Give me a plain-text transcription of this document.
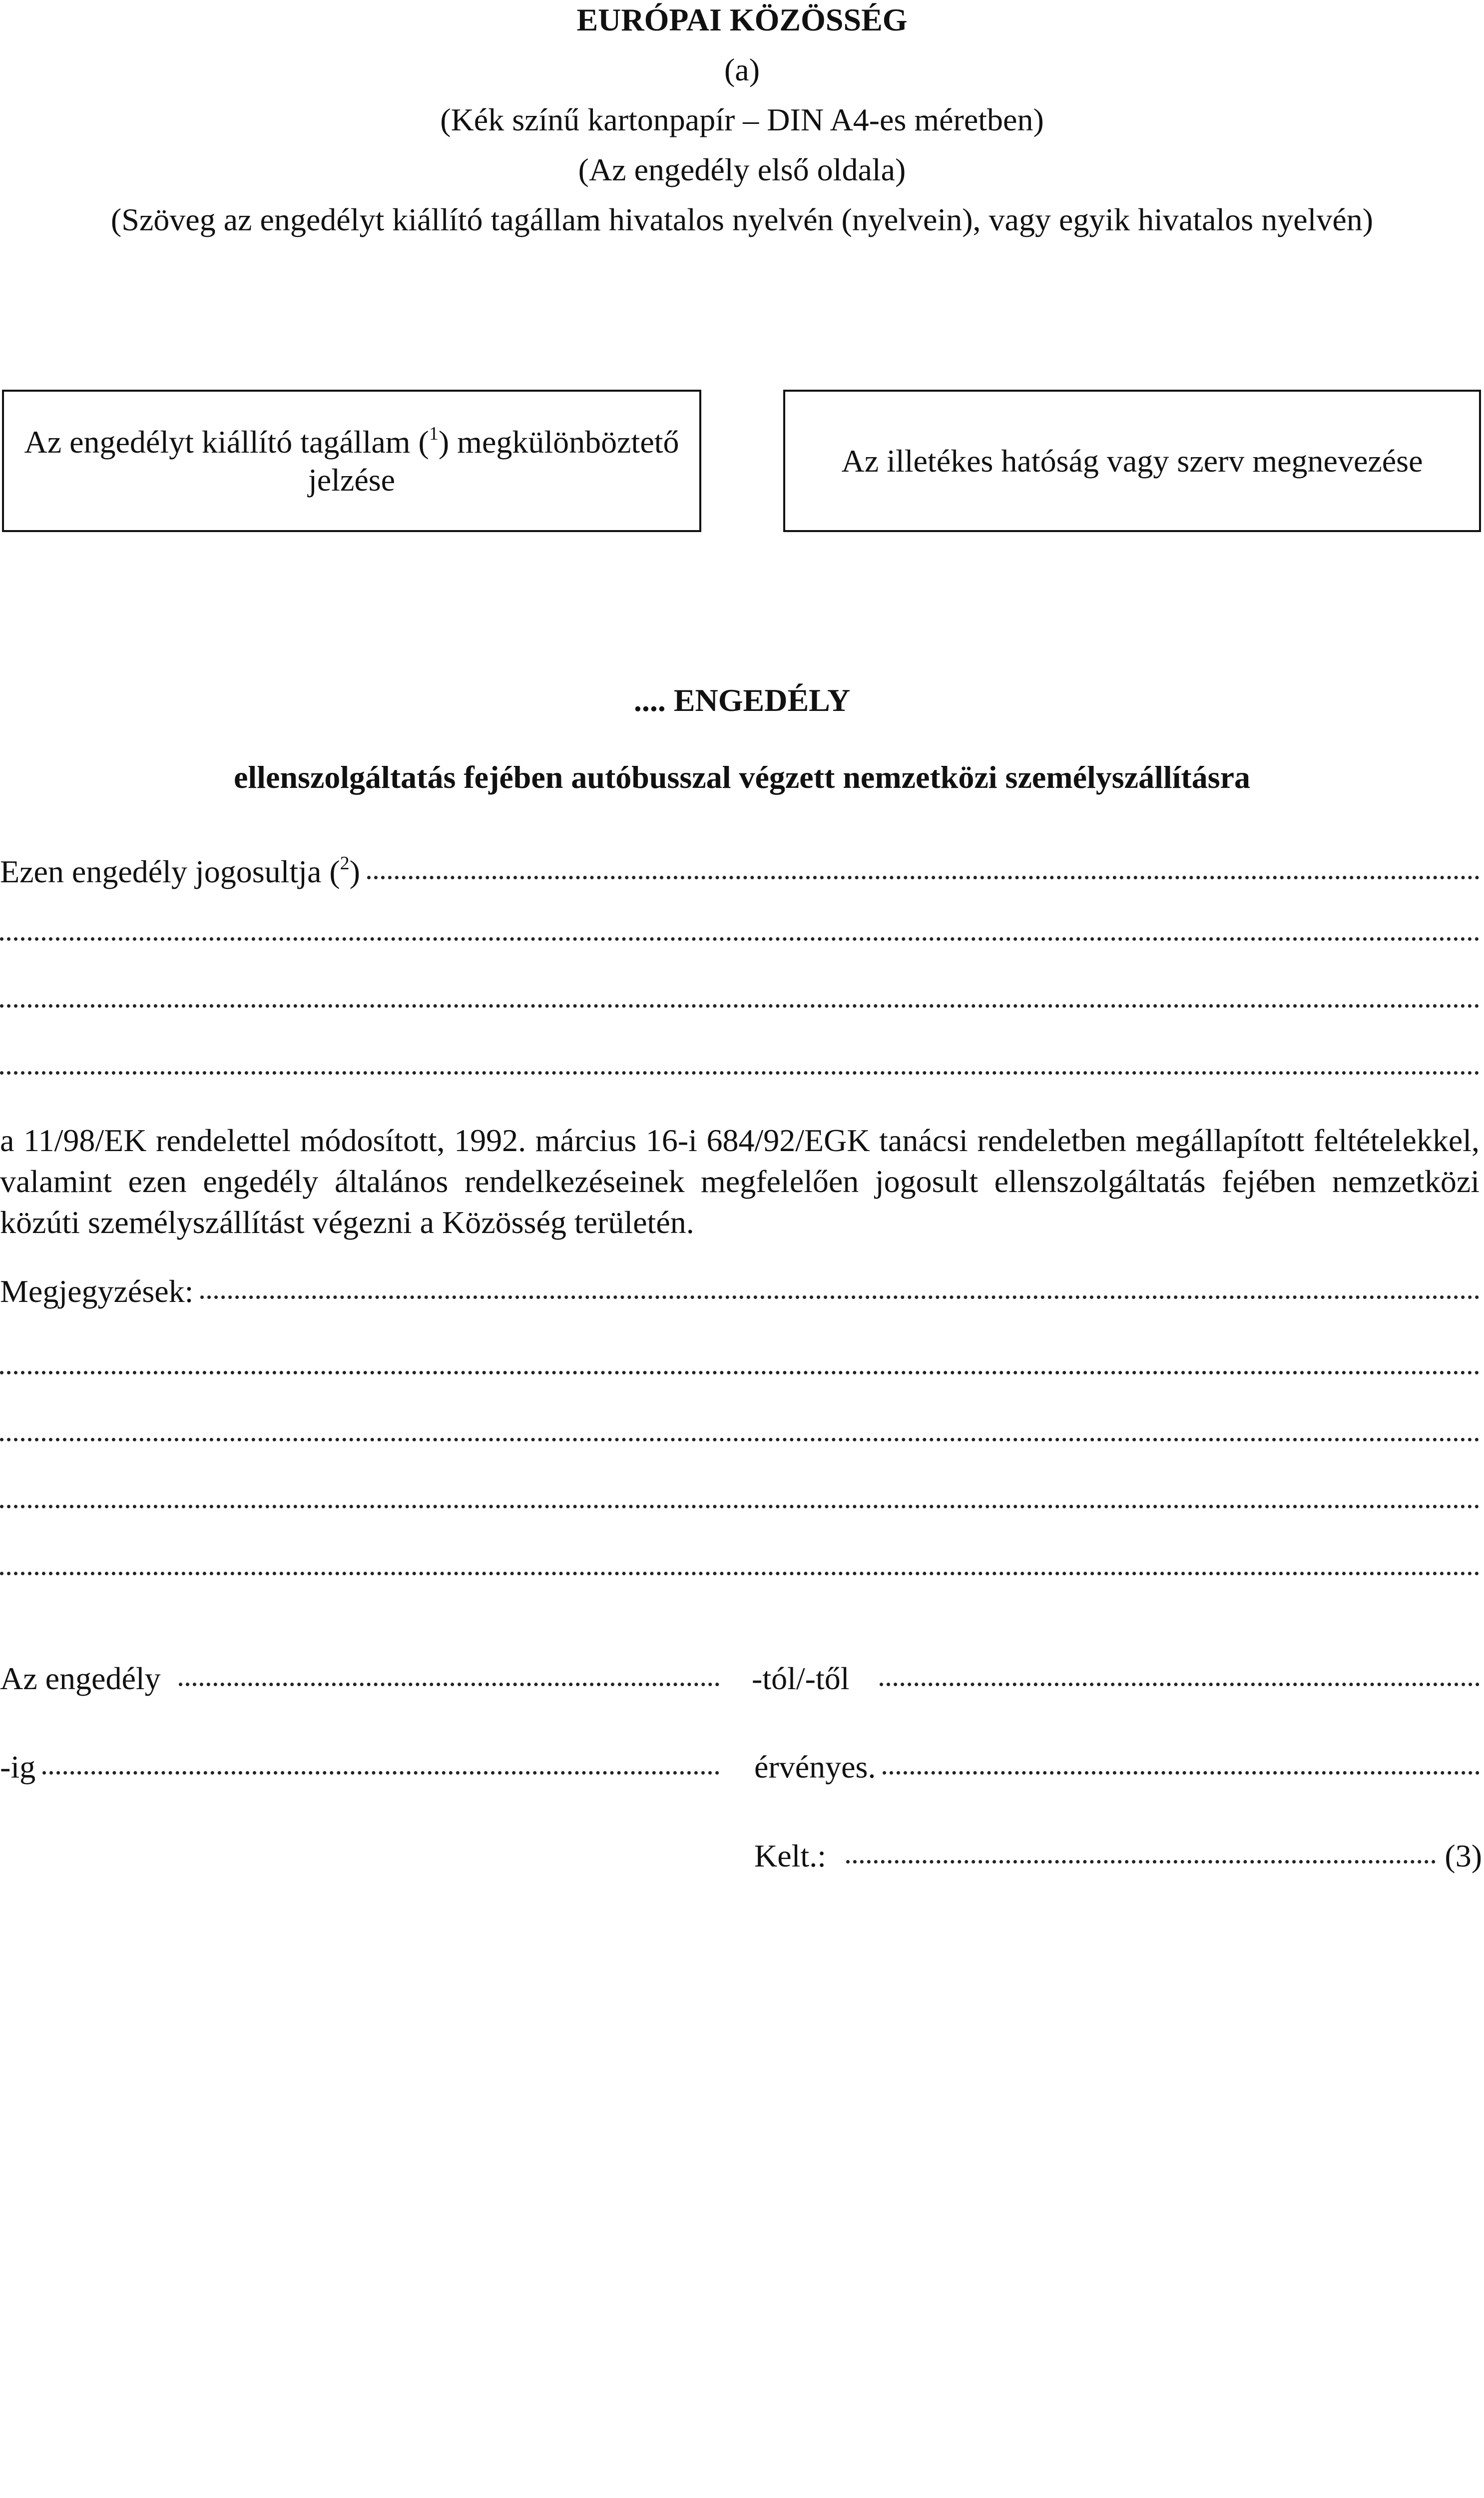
EURÓPAI KÖZÖSSÉG
(a)
(Kék színű kartonpapír – DIN A4-es méretben)
(Az engedély első oldala)
(Szöveg az engedélyt kiállító tagállam hivatalos nyelvén (nyelvein), vagy egyik hivatalos nyelvén)
Az engedélyt kiállító tagállam ($^1$) megkülönböztető jelzése
Az illetékes hatóság vagy szerv megnevezése
.... ENGEDÉLY
ellenszolgáltatás fejében autóbusszal végzett nemzetközi személyszállításra
Ezen engedély jogosultja ($^2$)
a 11/98/EK rendelettel módosított, 1992. március 16-i 684/92/EGK tanácsi rendeletben megállapított feltételekkel, valamint ezen engedély általános rendelkezéseinek megfelelően jogosult ellenszolgáltatás fejében nemzetközi közúti személyszállítást végezni a Közösség területén.
Megjegyzések:
Az engedély	-tól/-től
-ig	érvényes.
Kelt.:	(3)
